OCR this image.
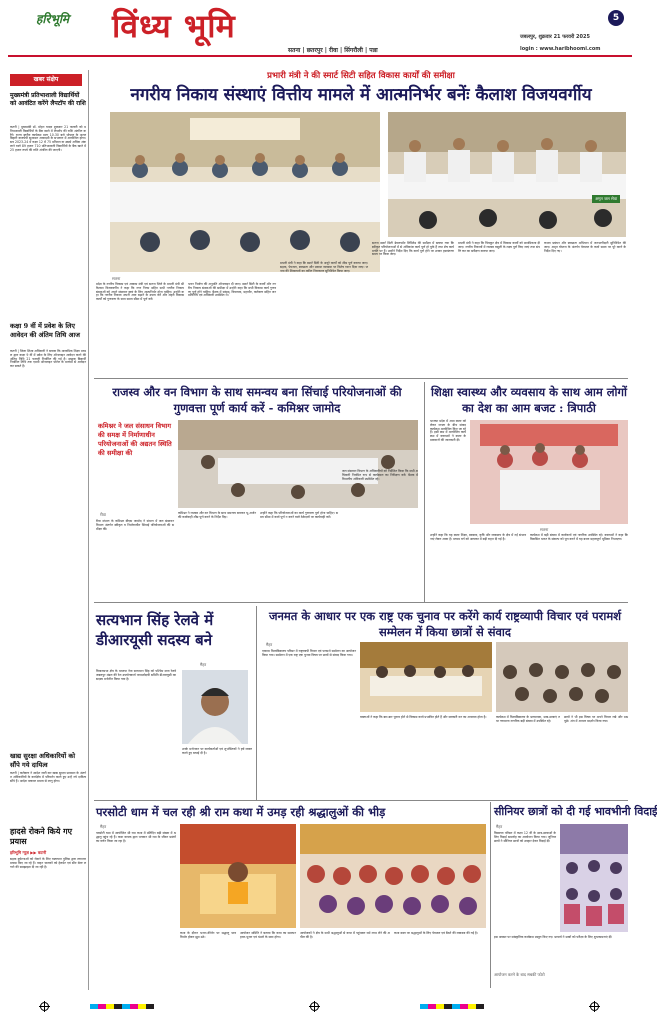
हरिभूमि विंध्य भूमि	5
सतना | छतरपुर | रीवा | सिंगरौली | पन्ना
जबलपुर, शुक्रवार 21 फरवरी 2025
login : www.haribhoomi.com
खबर संक्षेप
मुख्यमंत्री प्रतिभाशाली विद्यार्थियों को आवंटित करेंगे लैपटॉप की राशि
कटनी | मुख्यमंत्री डॉ. मोहन यादव शुक्रवार 21 फरवरी को प्रतिभाशाली विद्यार्थियों के बैंक खाते में लैपटॉप की राशि अंतरित करेंगे। राज्य स्तरीय कार्यक्रम प्रातः 10.30 बजे भोपाल के अटलबिहारी वाजपेयी सुशासन अकादमी के सभागार में आयोजित होगा। सत्र 2023-24 में कक्षा 12 में 75 प्रतिशत या उससे अधिक अंक लाने वाले 89 हजार 710 प्रतिभाशाली विद्यार्थियों के बैंक खाते में 25 हजार रुपये की राशि अंतरित की जाएगी।
कक्षा 9 वीं में प्रवेश के लिए आवेदन की अंतिम तिथि आज
कटनी | जिला शिक्षा अधिकारी ने बताया कि माध्यमिक शिक्षा मण्डल द्वारा कक्षा 9 वीं में प्रवेश के लिए ऑनलाइन आवेदन करने की अंतिम तिथि 21 फरवरी निर्धारित की गई है। इच्छुक विद्यार्थी निर्धारित तिथि तक एमपी ऑनलाइन पोर्टल के माध्यम से आवेदन कर सकते हैं।
खाद्य सुरक्षा अधिकारियों को सौंपे गये दायित्व
कटनी | कलेक्टर ने आदेश जारी कर खाद्य सुरक्षा प्रशासन के अंतर्गत अधिकारियों के कार्यक्षेत्र में परिवर्तन करते हुए उन्हें नये दायित्व सौंपे हैं। आदेश तत्काल प्रभाव से लागू होगा।
हादसे रोकने किये गए प्रयास
हरिभूमि न्यूज़ ▶▶ कटनी
सड़क दुर्घटनाओं को रोकने के लिए यातायात पुलिस द्वारा लगातार प्रयास किए जा रहे हैं। वाहन चालकों को हेलमेट एवं सीट बेल्ट लगाने की समझाइश दी जा रही है।
प्रभारी मंत्री ने की स्मार्ट सिटी सहित विकास कार्यों की समीक्षा
नगरीय निकाय संस्थाएं वित्तीय मामले में आत्मनिर्भर बनेंः कैलाश विजयवर्गीय
अमृत जल सेवा
सतना
प्रदेश के नगरीय विकास एवं आवास मंत्री एवं सतना जिले के प्रभारी मंत्री श्री कैलाश विजयवर्गीय ने कहा कि नगर निगम सहित सभी नगरीय निकाय संस्थाओं को अपने संसाधन स्वयं के लिए आत्मनिर्भर होना चाहिए। उन्होंने कहा कि नगरीय निकाय अपनी आय बढ़ाने के उपाय करें और शहरी विकास कार्यों को गुणवत्ता के साथ समय सीमा में पूर्ण करें।
भवन निर्माण की अनुमति ऑनलाइन दी जाए। स्मार्ट सिटी के कार्यों और नगरीय निकाय संस्थाओं की समीक्षा में उन्होंने कहा कि सभी विकास कार्य गुणवत्ता पूर्ण होने चाहिए। बैठक में सांसद, विधायक, महापौर, कलेक्टर सहित जनप्रतिनिधि एवं अधिकारी उपस्थित थे।
प्रभारी मंत्री ने कहा कि स्मार्ट सिटी के अधूरे कार्यों को शीघ्र पूर्ण कराया जाए। सड़क, पेयजल, स्वच्छता और प्रकाश व्यवस्था पर विशेष ध्यान दिया जाए। जनता की शिकायतों का त्वरित निराकरण सुनिश्चित किया जाए।
सतना स्मार्ट सिटी डेवलपमेंट लिमिटेड की समीक्षा में बताया गया कि स्वीकृत परियोजनाओं में से अधिकांश कार्य पूर्ण हो चुके हैं तथा शेष कार्य प्रगति पर हैं। उन्होंने निर्देश दिए कि कार्य पूर्ण होने पर उनका हस्तांतरण समय पर किया जाए।
प्रभारी मंत्री ने कहा कि चित्रकूट क्षेत्र में विकास कार्यों को प्राथमिकता दी जाए। नगरीय निकायों में राजस्व वसूली के लक्ष्य पूर्ण किए जाएं तथा संपत्ति कर का सर्वेक्षण कराया जाए।
कचरा प्रबंधन और स्वच्छता अभियान में जनभागीदारी सुनिश्चित की जाए। अमृत योजना के अंतर्गत पेयजल के कार्य समय पर पूरे करने के निर्देश दिए गए।
राजस्व और वन विभाग के साथ समन्वय बना सिंचाई परियोजनाओं की गुणवत्ता पूर्ण कार्य करें - कमिश्नर जामोद
कमिश्नर ने जल संसाधन विभाग की समक्ष में निर्माणाधीन परियोजनाओं की अद्यतन स्थिति की समीक्षा की
रीवा
रीवा संभाग के कमिश्नर बीएस जामोद ने संभाग में जल संसाधन विभाग अंतर्गत स्वीकृत व निर्माणाधीन सिंचाई परियोजनाओं की समीक्षा की।
कमिश्नर ने राजस्व और वन विभाग के साथ समन्वय बनाकर भू-अर्जन की कार्यवाही शीघ्र पूर्ण करने के निर्देश दिए।
उन्होंने कहा कि परियोजनाओं का कार्य गुणवत्ता पूर्ण होना चाहिए। समय सीमा में कार्य पूर्ण न करने वाले ठेकेदारों पर कार्यवाही करें।
जल संसाधन विभाग के अधिकारियों को निर्देशित किया कि सभी अधिकारी नियमित रूप से कार्यस्थल का निरीक्षण करें। बैठक में विभागीय अधिकारी उपस्थित रहे।
शिक्षा स्वास्थ्य और व्यवसाय के साथ आम लोगों का देश का आम बजट : त्रिपाठी
सतना
भाजपा प्रदेश में आम बजट को लेकर जनता के बीच संवाद कार्यक्रम आयोजित किए जा रहे हैं। इसी क्रम में आयोजित कार्यक्रम में वक्ताओं ने बजट के प्रावधानों की जानकारी दी।
उन्होंने कहा कि यह बजट शिक्षा, स्वास्थ्य, कृषि और व्यवसाय के क्षेत्र में नई संभावनाएं लेकर आया है। मध्यम वर्ग को आयकर में बड़ी राहत दी गई है।
कार्यक्रम में बड़ी संख्या में कार्यकर्ता एवं नागरिक उपस्थित रहे। वक्ताओं ने कहा कि विकसित भारत के संकल्प को पूरा करने में यह बजट महत्वपूर्ण भूमिका निभाएगा।
सत्यभान सिंह रेलवे में डीआरयूसी सदस्य बने
मैहर
विधानसभा क्षेत्र के भाजपा नेता सत्यभान सिंह को पश्चिम मध्य रेलवे जबलपुर मंडल की रेल उपयोगकर्ता परामर्शदात्री समिति डीआरयूसी का सदस्य मनोनीत किया गया है।
उनके मनोनयन पर कार्यकर्ताओं एवं शुभचिंतकों ने हर्ष व्यक्त करते हुए बधाई दी है।
जनमत के आधार पर एक राष्ट्र एक चुनाव पर करेंगे कार्य राष्ट्रव्यापी विचार एवं परामर्श सम्मेलन में किया छात्रों से संवाद
मैहर
एकात्म विश्वविद्यालय परिसर में राष्ट्रव्यापी विचार एवं परामर्श सम्मेलन का आयोजन किया गया। सम्मेलन में एक राष्ट्र एक चुनाव विषय पर छात्रों से संवाद किया गया।
वक्ताओं ने कहा कि बार-बार चुनाव होने से विकास कार्य प्रभावित होते हैं और सरकारी धन का अपव्यय होता है।	कार्यक्रम में विश्वविद्यालय के प्राध्यापक, छात्र-छात्राएं तथा गणमान्य नागरिक बड़ी संख्या में उपस्थित रहे।
छात्रों ने भी इस विषय पर अपने विचार रखे और प्रश्न पूछे। अंत में आभार प्रदर्शन किया गया।
परसोटी धाम में चल रही श्री राम कथा में उमड़ रही श्रद्धालुओं की भीड़
मैहर
परसोटी धाम में आयोजित श्री राम कथा में प्रतिदिन बड़ी संख्या में श्रद्धालु पहुंच रहे हैं। कथा वाचक द्वारा भगवान श्री राम के जीवन प्रसंगों का वर्णन किया जा रहा है।
कथा के दौरान भजन-कीर्तन पर श्रद्धालु भाव विभोर होकर झूम उठे।
आयोजन समिति ने बताया कि कथा का समापन हवन-पूजन एवं भंडारे के साथ होगा।
आयोजकों ने क्षेत्र के सभी श्रद्धालुओं से कथा में पहुंचकर धर्म लाभ लेने की अपील की है।
कथा स्थल पर श्रद्धालुओं के लिए पेयजल एवं बैठने की व्यवस्था की गई है।
सीनियर छात्रों को दी गई भावभीनी विदाई
मैहर
विद्यालय परिसर में कक्षा 12 वीं के छात्र-छात्राओं के लिए विदाई समारोह का आयोजन किया गया। जूनियर छात्रों ने सीनियर छात्रों को उपहार देकर विदाई दी।
इस अवसर पर सांस्कृतिक कार्यक्रम प्रस्तुत किए गए। प्राचार्य ने छात्रों को परीक्षा के लिए शुभकामनाएं दीं।
आयोजन करने के बाद सबकी फोटो
